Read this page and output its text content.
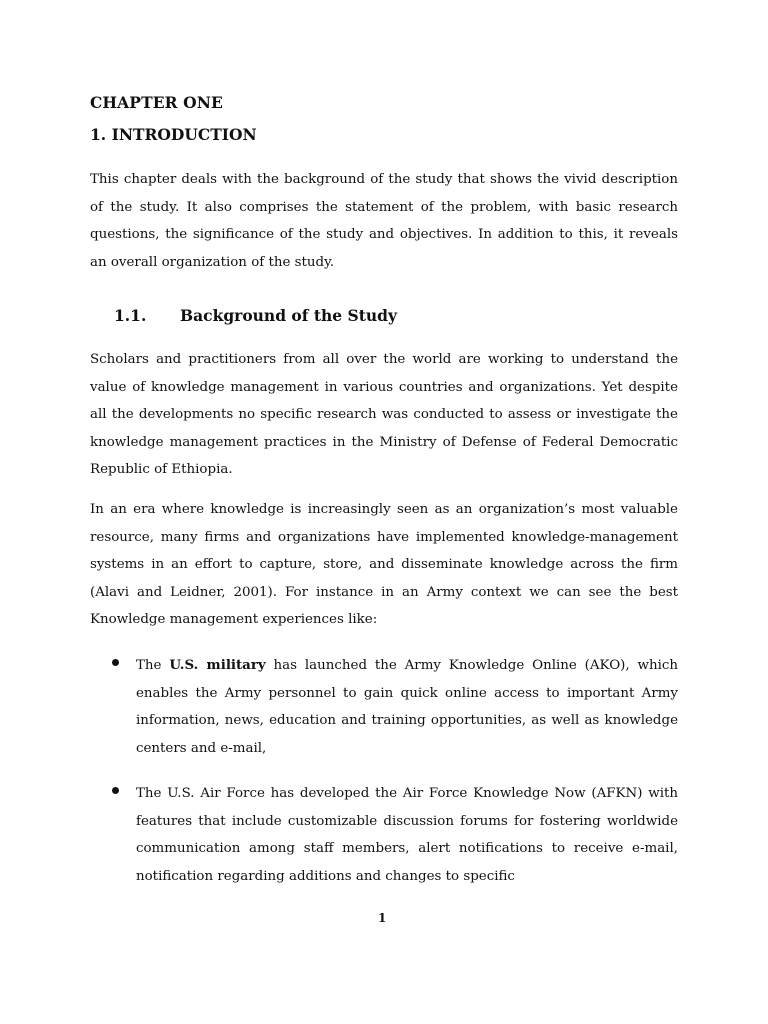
CHAPTER ONE
1. INTRODUCTION

This chapter deals with the background of the study that shows the vivid description of the study. It also comprises the statement of the problem, with basic research questions, the significance of the study and objectives. In addition to this, it reveals an overall organization of the study.

1.1. Background of the Study

Scholars and practitioners from all over the world are working to understand the value of knowledge management in various countries and organizations. Yet despite all the developments no specific research was conducted to assess or investigate the knowledge management practices in the Ministry of Defense of Federal Democratic Republic of Ethiopia.

In an era where knowledge is increasingly seen as an organization’s most valuable resource, many firms and organizations have implemented knowledge-management systems in an effort to capture, store, and disseminate knowledge across the firm (Alavi and Leidner, 2001). For instance in an Army context we can see the best Knowledge management experiences like:

The U.S. military has launched the Army Knowledge Online (AKO), which enables the Army personnel to gain quick online access to important Army information, news, education and training opportunities, as well as knowledge centers and e-mail,

The U.S. Air Force has developed the Air Force Knowledge Now (AFKN) with features that include customizable discussion forums for fostering worldwide communication among staff members, alert notifications to receive e-mail, notification regarding additions and changes to specific

1
